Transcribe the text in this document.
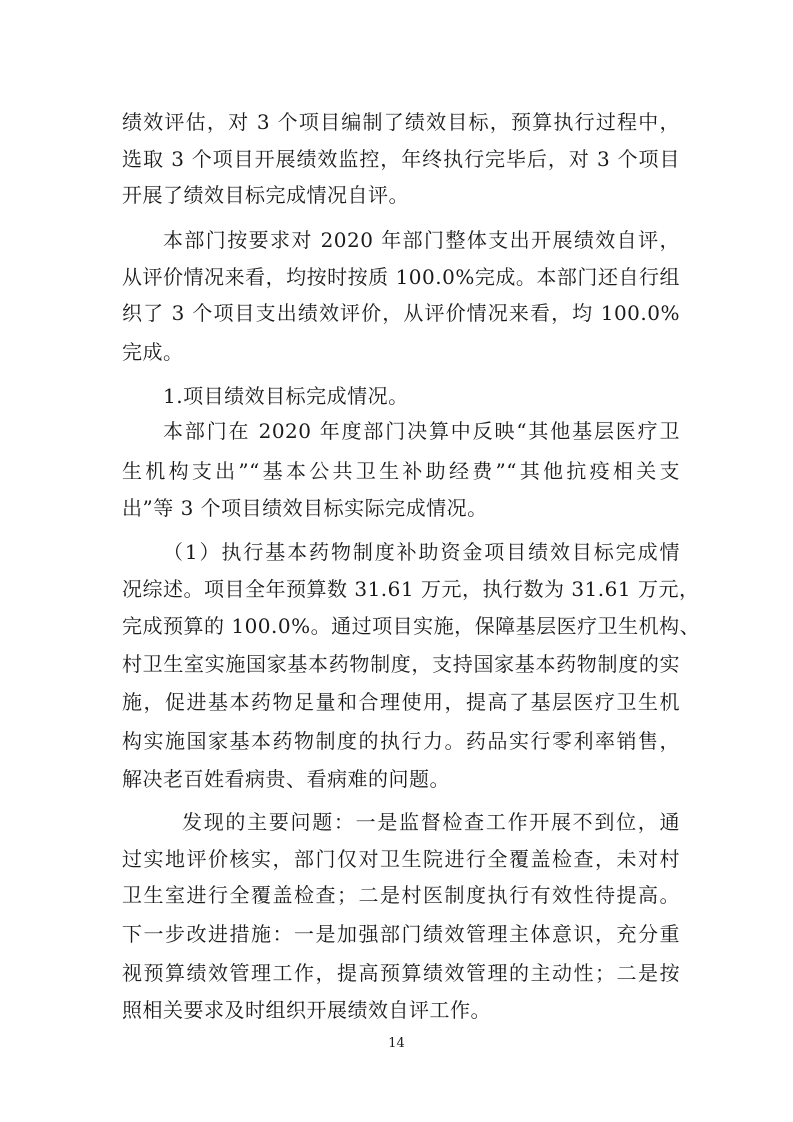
绩效评估，对 3 个项目编制了绩效目标，预算执行过程中，
选取 3 个项目开展绩效监控，年终执行完毕后，对 3 个项目
开展了绩效目标完成情况自评。
本部门按要求对 2020 年部门整体支出开展绩效自评，
从评价情况来看，均按时按质 100.0%完成。本部门还自行组
织了 3 个项目支出绩效评价，从评价情况来看，均 100.0%
完成。
1.项目绩效目标完成情况。
本部门在 2020 年度部门决算中反映“其他基层医疗卫
生机构支出”“基本公共卫生补助经费”“其他抗疫相关支
出”等 3 个项目绩效目标实际完成情况。
（1）执行基本药物制度补助资金项目绩效目标完成情
况综述。项目全年预算数 31.61 万元，执行数为 31.61 万元，
完成预算的 100.0%。通过项目实施，保障基层医疗卫生机构、
村卫生室实施国家基本药物制度，支持国家基本药物制度的实
施，促进基本药物足量和合理使用，提高了基层医疗卫生机
构实施国家基本药物制度的执行力。药品实行零利率销售，
解决老百姓看病贵、看病难的问题。
发现的主要问题：一是监督检查工作开展不到位，通
过实地评价核实，部门仅对卫生院进行全覆盖检查，未对村
卫生室进行全覆盖检查；二是村医制度执行有效性待提高。
下一步改进措施：一是加强部门绩效管理主体意识，充分重
视预算绩效管理工作，提高预算绩效管理的主动性；二是按
照相关要求及时组织开展绩效自评工作。
14
